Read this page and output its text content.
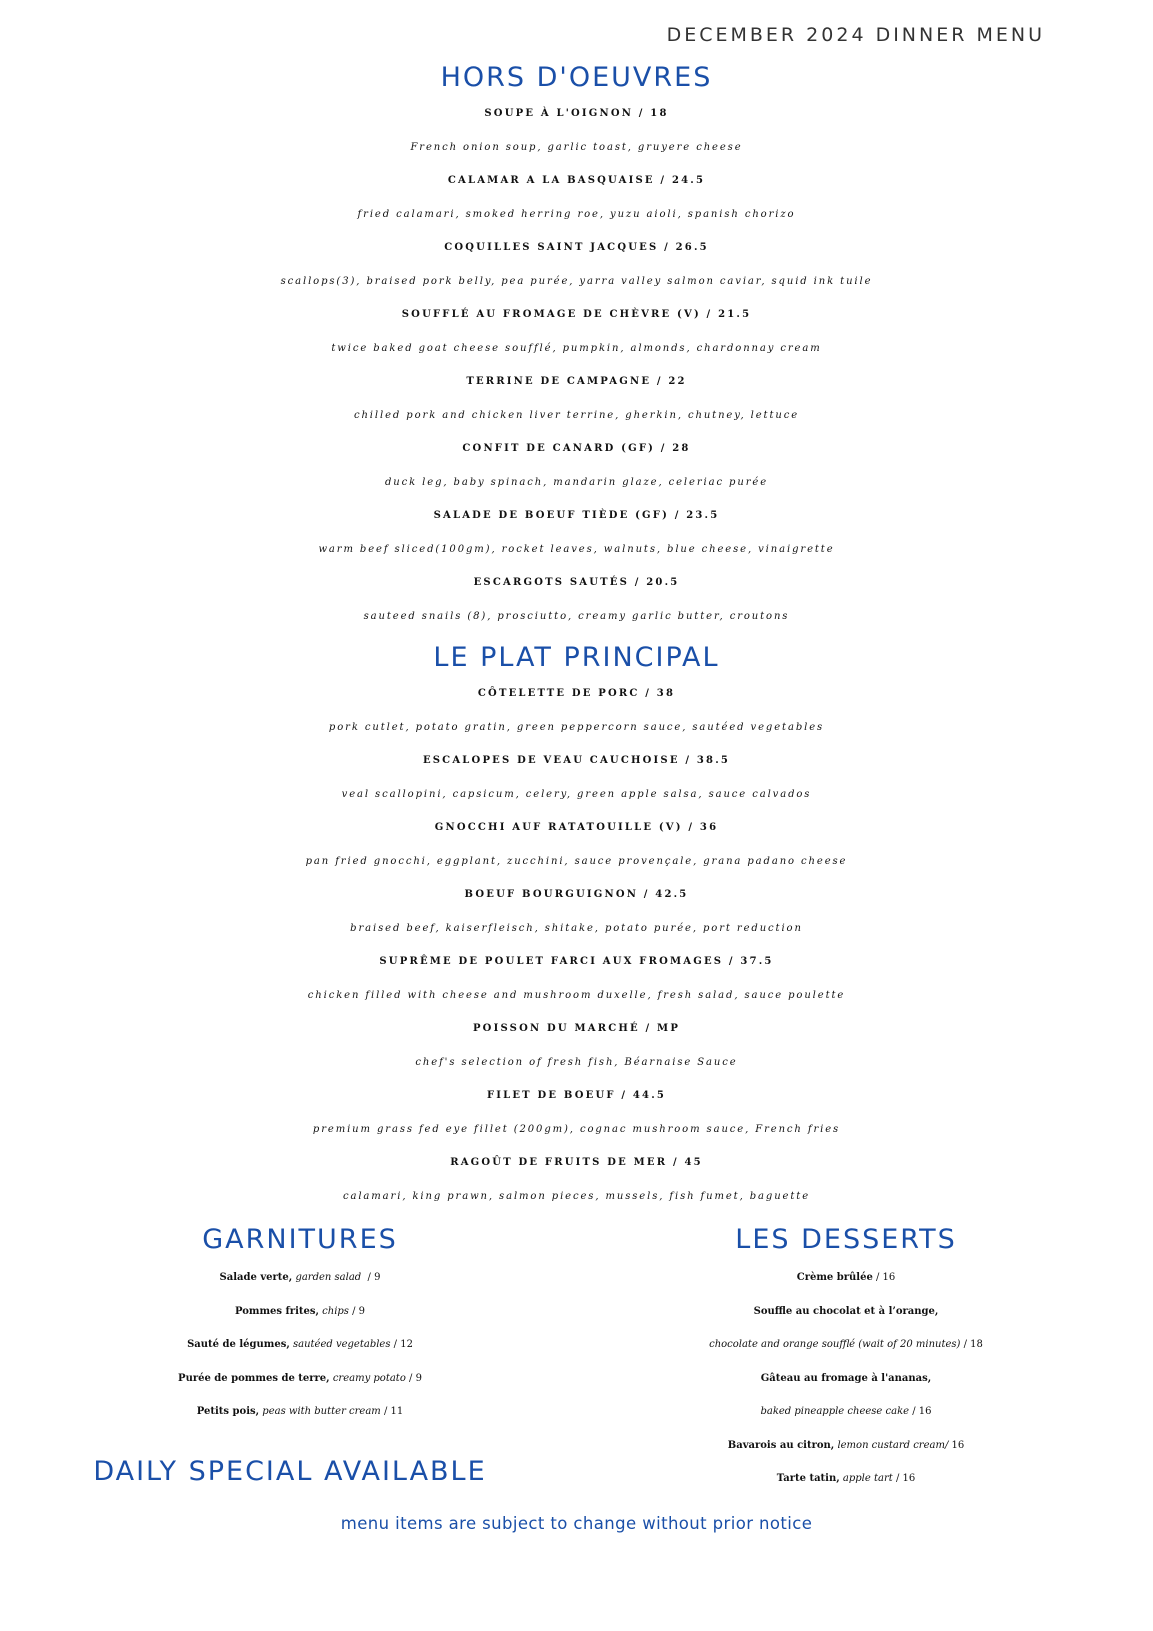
DECEMBER 2024 DINNER MENU
HORS D'OEUVRES
SOUPE À L'OIGNON / 18
French onion soup, garlic toast, gruyere cheese
CALAMAR A LA BASQUAISE / 24.5
fried calamari, smoked herring roe, yuzu aioli, spanish chorizo
COQUILLES SAINT JACQUES / 26.5
scallops(3), braised pork belly, pea purée, yarra valley salmon caviar, squid ink tuile
SOUFFLÉ AU FROMAGE DE CHÈVRE (V) / 21.5
twice baked goat cheese soufflé, pumpkin, almonds, chardonnay cream
TERRINE DE CAMPAGNE / 22
chilled pork and chicken liver terrine, gherkin, chutney, lettuce
CONFIT DE CANARD (GF) / 28
duck leg, baby spinach, mandarin glaze, celeriac purée
SALADE DE BOEUF TIÈDE (GF) / 23.5
warm beef sliced(100gm), rocket leaves, walnuts, blue cheese, vinaigrette
ESCARGOTS SAUTÉS / 20.5
sauteed snails (8), prosciutto, creamy garlic butter, croutons
LE PLAT PRINCIPAL
CÔTELETTE DE PORC / 38
pork cutlet, potato gratin, green peppercorn sauce, sautéed vegetables
ESCALOPES DE VEAU CAUCHOISE / 38.5
veal scallopini, capsicum, celery, green apple salsa, sauce calvados
GNOCCHI AUF RATATOUILLE (V) / 36
pan fried gnocchi, eggplant, zucchini, sauce provençale, grana padano cheese
BOEUF BOURGUIGNON / 42.5
braised beef, kaiserfleisch, shitake, potato purée, port reduction
SUPRÊME DE POULET FARCI AUX FROMAGES / 37.5
chicken filled with cheese and mushroom duxelle, fresh salad, sauce poulette
POISSON DU MARCHÉ / MP
chef's selection of fresh fish, Béarnaise Sauce
FILET DE BOEUF / 44.5
premium grass fed eye fillet (200gm), cognac mushroom sauce, French fries
RAGOÛT DE FRUITS DE MER / 45
calamari, king prawn, salmon pieces, mussels, fish fumet, baguette
GARNITURES
Salade verte, garden salad  / 9
Pommes frites, chips / 9
Sauté de légumes, sautéed vegetables / 12
Purée de pommes de terre, creamy potato / 9
Petits pois, peas with butter cream / 11
DAILY SPECIAL AVAILABLE
LES DESSERTS
Crème brûlée / 16
Souffle au chocolat et à l’orange,
chocolate and orange soufflé (wait of 20 minutes) / 18
Gâteau au fromage à l'ananas,
baked pineapple cheese cake / 16
Bavarois au citron, lemon custard cream/ 16
Tarte tatin, apple tart / 16
menu items are subject to change without prior notice
